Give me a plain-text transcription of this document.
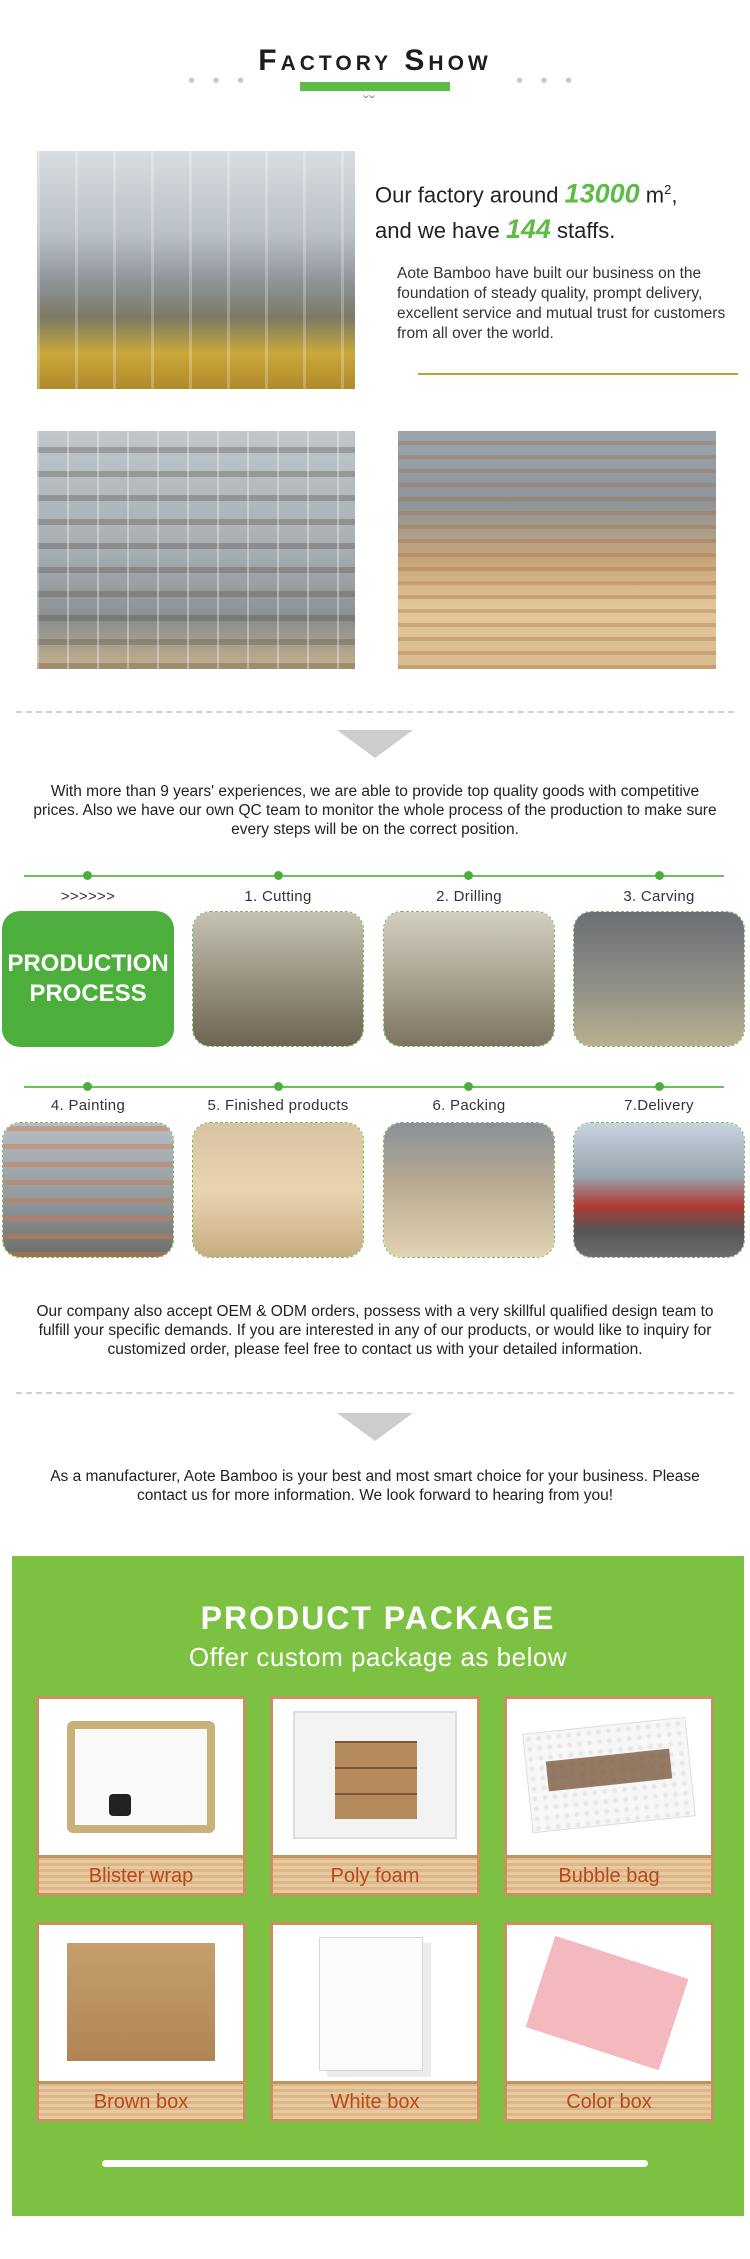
• • •	• • •
Factory Show
ˇˇ
Our factory around 13000 $m^2$,
and we have 144 staffs.
Aote Bamboo have built our business on the foundation of steady quality, prompt delivery, excellent service and mutual trust for customers from all over the world.
With more than 9 years' experiences, we are able to provide top quality goods with competitive prices. Also we have our own QC team to monitor the whole process of the production to make sure every steps will be on the correct position.
>>>>>>	1. Cutting	2. Drilling	3. Carving
PRODUCTION
PROCESS
4. Painting	5. Finished products	6. Packing	7.Delivery
Our company also accept OEM & ODM orders, possess with a very skillful qualified design team to fulfill your specific demands. If you are interested in any of our products, or would like to inquiry for customized order, please feel free to contact us with your detailed information.
As a manufacturer, Aote Bamboo is your best and most smart choice for your business. Please contact us for more information. We look forward to hearing from you!
PRODUCT PACKAGE
Offer custom package as below
Blister wrap	Poly foam	Bubble bag
Brown box	White box	Color box
